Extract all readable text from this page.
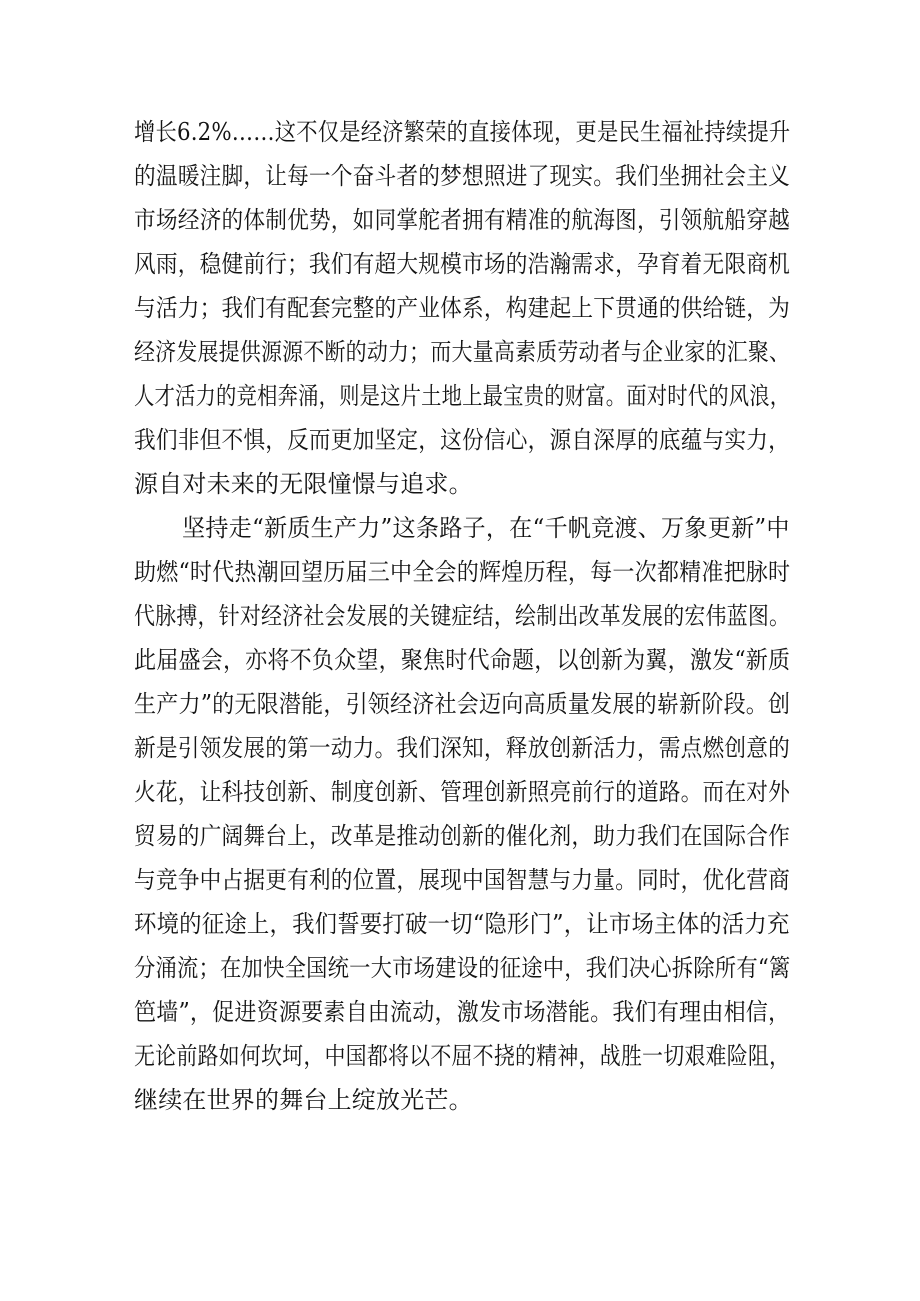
增长6.2%……这不仅是经济繁荣的直接体现，更是民生福祉持续提升
的温暖注脚，让每一个奋斗者的梦想照进了现实。我们坐拥社会主义
市场经济的体制优势，如同掌舵者拥有精准的航海图，引领航船穿越
风雨，稳健前行；我们有超大规模市场的浩瀚需求，孕育着无限商机
与活力；我们有配套完整的产业体系，构建起上下贯通的供给链，为
经济发展提供源源不断的动力；而大量高素质劳动者与企业家的汇聚、
人才活力的竞相奔涌，则是这片土地上最宝贵的财富。面对时代的风浪，
我们非但不惧，反而更加坚定，这份信心，源自深厚的底蕴与实力，
源自对未来的无限憧憬与追求。
坚持走“新质生产力”这条路子，在“千帆竞渡、万象更新”中
助燃“时代热潮回望历届三中全会的辉煌历程，每一次都精准把脉时
代脉搏，针对经济社会发展的关键症结，绘制出改革发展的宏伟蓝图。
此届盛会，亦将不负众望，聚焦时代命题，以创新为翼，激发“新质
生产力”的无限潜能，引领经济社会迈向高质量发展的崭新阶段。创
新是引领发展的第一动力。我们深知，释放创新活力，需点燃创意的
火花，让科技创新、制度创新、管理创新照亮前行的道路。而在对外
贸易的广阔舞台上，改革是推动创新的催化剂，助力我们在国际合作
与竞争中占据更有利的位置，展现中国智慧与力量。同时，优化营商
环境的征途上，我们誓要打破一切“隐形门”，让市场主体的活力充
分涌流；在加快全国统一大市场建设的征途中，我们决心拆除所有“篱
笆墙”，促进资源要素自由流动，激发市场潜能。我们有理由相信，
无论前路如何坎坷，中国都将以不屈不挠的精神，战胜一切艰难险阻，
继续在世界的舞台上绽放光芒。
